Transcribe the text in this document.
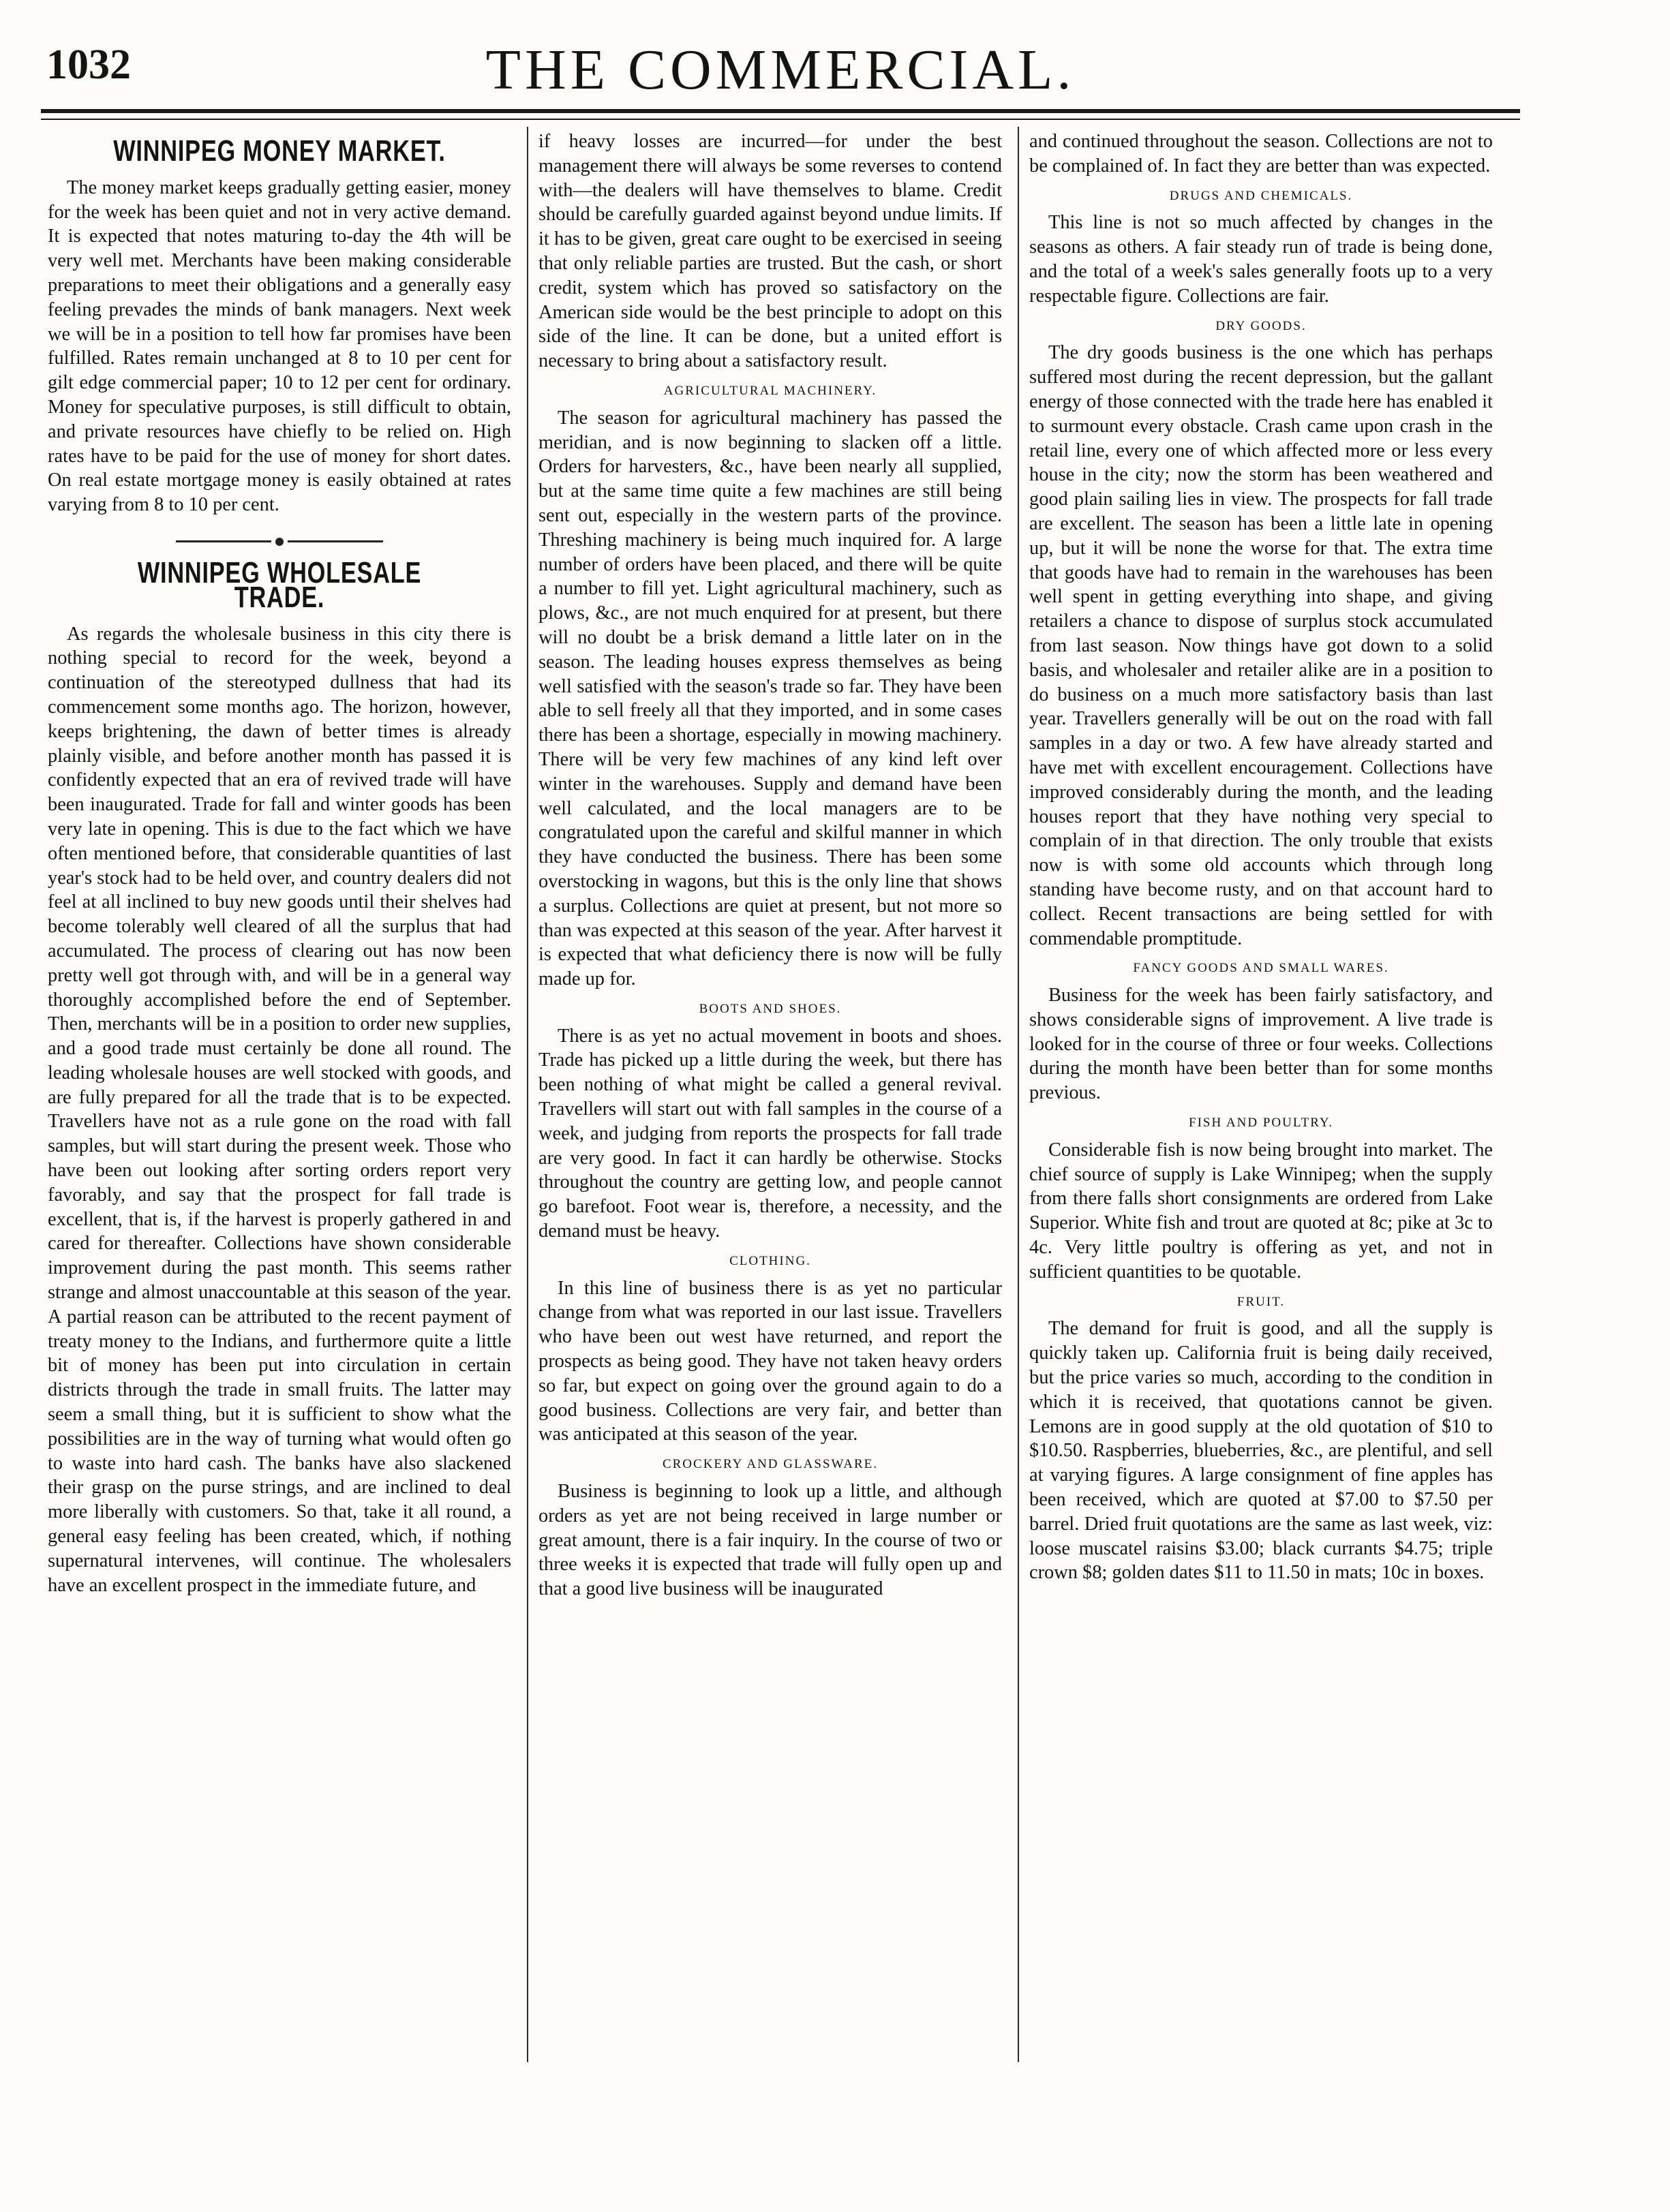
1032	THE COMMERCIAL.
WINNIPEG MONEY MARKET.

The money market keeps gradually getting easier, money for the week has been quiet and not in very active demand. It is expected that notes maturing to-day the 4th will be very well met. Merchants have been making considerable preparations to meet their obligations and a generally easy feeling prevades the minds of bank managers. Next week we will be in a position to tell how far promises have been fulfilled. Rates remain unchanged at 8 to 10 per cent for gilt edge commercial paper; 10 to 12 per cent for ordinary. Money for speculative purposes, is still difficult to obtain, and private resources have chiefly to be relied on. High rates have to be paid for the use of money for short dates. On real estate mortgage money is easily obtained at rates varying from 8 to 10 per cent.

WINNIPEG WHOLESALE TRADE.

As regards the wholesale business in this city there is nothing special to record for the week, beyond a continuation of the stereotyped dullness that had its commencement some months ago. The horizon, however, keeps brightening, the dawn of better times is already plainly visible, and before another month has passed it is confidently expected that an era of revived trade will have been inaugurated. Trade for fall and winter goods has been very late in opening. This is due to the fact which we have often mentioned before, that considerable quantities of last year's stock had to be held over, and country dealers did not feel at all inclined to buy new goods until their shelves had become tolerably well cleared of all the surplus that had accumulated. The process of clearing out has now been pretty well got through with, and will be in a general way thoroughly accomplished before the end of September. Then, merchants will be in a position to order new supplies, and a good trade must certainly be done all round. The leading wholesale houses are well stocked with goods, and are fully prepared for all the trade that is to be expected. Travellers have not as a rule gone on the road with fall samples, but will start during the present week. Those who have been out looking after sorting orders report very favorably, and say that the prospect for fall trade is excellent, that is, if the harvest is properly gathered in and cared for thereafter. Collections have shown considerable improvement during the past month. This seems rather strange and almost unaccountable at this season of the year. A partial reason can be attributed to the recent payment of treaty money to the Indians, and furthermore quite a little bit of money has been put into circulation in certain districts through the trade in small fruits. The latter may seem a small thing, but it is sufficient to show what the possibilities are in the way of turning what would often go to waste into hard cash. The banks have also slackened their grasp on the purse strings, and are inclined to deal more liberally with customers. So that, take it all round, a general easy feeling has been created, which, if nothing supernatural intervenes, will continue. The wholesalers have an excellent prospect in the immediate future, and

if heavy losses are incurred—for under the best management there will always be some reverses to contend with—the dealers will have themselves to blame. Credit should be carefully guarded against beyond undue limits. If it has to be given, great care ought to be exercised in seeing that only reliable parties are trusted. But the cash, or short credit, system which has proved so satisfactory on the American side would be the best principle to adopt on this side of the line. It can be done, but a united effort is necessary to bring about a satisfactory result.

AGRICULTURAL MACHINERY.

The season for agricultural machinery has passed the meridian, and is now beginning to slacken off a little. Orders for harvesters, &c., have been nearly all supplied, but at the same time quite a few machines are still being sent out, especially in the western parts of the province. Threshing machinery is being much inquired for. A large number of orders have been placed, and there will be quite a number to fill yet. Light agricultural machinery, such as plows, &c., are not much enquired for at present, but there will no doubt be a brisk demand a little later on in the season. The leading houses express themselves as being well satisfied with the season's trade so far. They have been able to sell freely all that they imported, and in some cases there has been a shortage, especially in mowing machinery. There will be very few machines of any kind left over winter in the warehouses. Supply and demand have been well calculated, and the local managers are to be congratulated upon the careful and skilful manner in which they have conducted the business. There has been some overstocking in wagons, but this is the only line that shows a surplus. Collections are quiet at present, but not more so than was expected at this season of the year. After harvest it is expected that what deficiency there is now will be fully made up for.

BOOTS AND SHOES.

There is as yet no actual movement in boots and shoes. Trade has picked up a little during the week, but there has been nothing of what might be called a general revival. Travellers will start out with fall samples in the course of a week, and judging from reports the prospects for fall trade are very good. In fact it can hardly be otherwise. Stocks throughout the country are getting low, and people cannot go barefoot. Foot wear is, therefore, a necessity, and the demand must be heavy.

CLOTHING.

In this line of business there is as yet no particular change from what was reported in our last issue. Travellers who have been out west have returned, and report the prospects as being good. They have not taken heavy orders so far, but expect on going over the ground again to do a good business. Collections are very fair, and better than was anticipated at this season of the year.

CROCKERY AND GLASSWARE.

Business is beginning to look up a little, and although orders as yet are not being received in large number or great amount, there is a fair inquiry. In the course of two or three weeks it is expected that trade will fully open up and that a good live business will be inaugurated

and continued throughout the season. Collections are not to be complained of. In fact they are better than was expected.

DRUGS AND CHEMICALS.

This line is not so much affected by changes in the seasons as others. A fair steady run of trade is being done, and the total of a week's sales generally foots up to a very respectable figure. Collections are fair.

DRY GOODS.

The dry goods business is the one which has perhaps suffered most during the recent depression, but the gallant energy of those connected with the trade here has enabled it to surmount every obstacle. Crash came upon crash in the retail line, every one of which affected more or less every house in the city; now the storm has been weathered and good plain sailing lies in view. The prospects for fall trade are excellent. The season has been a little late in opening up, but it will be none the worse for that. The extra time that goods have had to remain in the warehouses has been well spent in getting everything into shape, and giving retailers a chance to dispose of surplus stock accumulated from last season. Now things have got down to a solid basis, and wholesaler and retailer alike are in a position to do business on a much more satisfactory basis than last year. Travellers generally will be out on the road with fall samples in a day or two. A few have already started and have met with excellent encouragement. Collections have improved considerably during the month, and the leading houses report that they have nothing very special to complain of in that direction. The only trouble that exists now is with some old accounts which through long standing have become rusty, and on that account hard to collect. Recent transactions are being settled for with commendable promptitude.

FANCY GOODS AND SMALL WARES.

Business for the week has been fairly satisfactory, and shows considerable signs of improvement. A live trade is looked for in the course of three or four weeks. Collections during the month have been better than for some months previous.

FISH AND POULTRY.

Considerable fish is now being brought into market. The chief source of supply is Lake Winnipeg; when the supply from there falls short consignments are ordered from Lake Superior. White fish and trout are quoted at 8c; pike at 3c to 4c. Very little poultry is offering as yet, and not in sufficient quantities to be quotable.

FRUIT.

The demand for fruit is good, and all the supply is quickly taken up. California fruit is being daily received, but the price varies so much, according to the condition in which it is received, that quotations cannot be given. Lemons are in good supply at the old quotation of $10 to $10.50. Raspberries, blueberries, &c., are plentiful, and sell at varying figures. A large consignment of fine apples has been received, which are quoted at $7.00 to $7.50 per barrel. Dried fruit quotations are the same as last week, viz: loose muscatel raisins $3.00; black currants $4.75; triple crown $8; golden dates $11 to 11.50 in mats; 10c in boxes.
